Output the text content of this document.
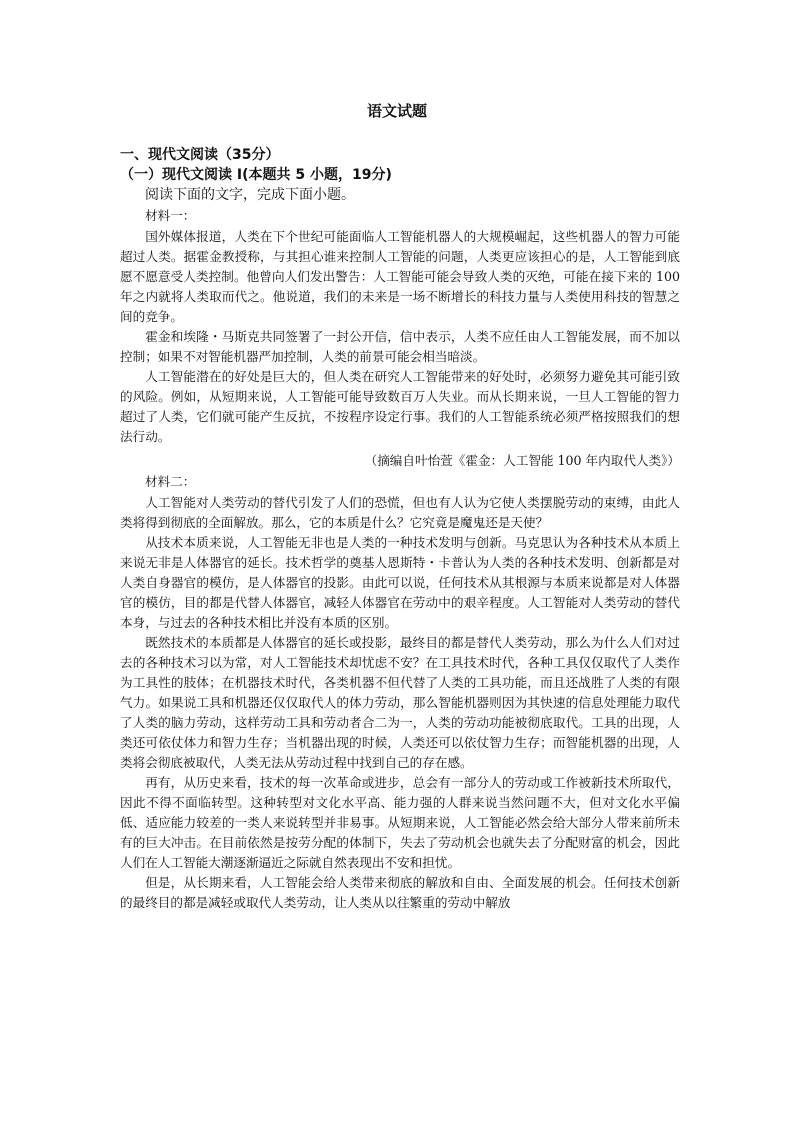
语文试题
一、现代文阅读（35分）
（一）现代文阅读 I(本题共 5 小题，19分)
阅读下面的文字，完成下面小题。
材料一：

国外媒体报道，人类在下个世纪可能面临人工智能机器人的大规模崛起，这些机器人的智力可能超过人类。据霍金教授称，与其担心谁来控制人工智能的问题，人类更应该担心的是，人工智能到底愿不愿意受人类控制。他曾向人们发出警告：人工智能可能会导致人类的灭绝，可能在接下来的 100 年之内就将人类取而代之。他说道，我们的未来是一场不断增长的科技力量与人类使用科技的智慧之间的竞争。

霍金和埃隆・马斯克共同签署了一封公开信，信中表示，人类不应任由人工智能发展，而不加以控制；如果不对智能机器严加控制，人类的前景可能会相当暗淡。

人工智能潜在的好处是巨大的，但人类在研究人工智能带来的好处时，必须努力避免其可能引致的风险。例如，从短期来说，人工智能可能导致数百万人失业。而从长期来说，一旦人工智能的智力超过了人类，它们就可能产生反抗，不按程序设定行事。我们的人工智能系统必须严格按照我们的想法行动。

（摘编自叶怡萱《霍金：人工智能 100 年内取代人类》）
材料二：

人工智能对人类劳动的替代引发了人们的恐慌，但也有人认为它使人类摆脱劳动的束缚，由此人类将得到彻底的全面解放。那么，它的本质是什么？它究竟是魔鬼还是天使？

从技术本质来说，人工智能无非也是人类的一种技术发明与创新。马克思认为各种技术从本质上来说无非是人体器官的延长。技术哲学的奠基人恩斯特・卡普认为人类的各种技术发明、创新都是对人类自身器官的模仿，是人体器官的投影。由此可以说，任何技术从其根源与本质来说都是对人体器官的模仿，目的都是代替人体器官，减轻人体器官在劳动中的艰辛程度。人工智能对人类劳动的替代本身，与过去的各种技术相比并没有本质的区别。

既然技术的本质都是人体器官的延长或投影，最终目的都是替代人类劳动，那么为什么人们对过去的各种技术习以为常，对人工智能技术却忧虑不安？在工具技术时代，各种工具仅仅取代了人类作为工具性的肢体；在机器技术时代，各类机器不但代替了人类的工具功能，而且还战胜了人类的有限气力。如果说工具和机器还仅仅取代人的体力劳动，那么智能机器则因为其快速的信息处理能力取代了人类的脑力劳动，这样劳动工具和劳动者合二为一，人类的劳动功能被彻底取代。工具的出现，人类还可依仗体力和智力生存；当机器出现的时候，人类还可以依仗智力生存；而智能机器的出现，人类将会彻底被取代，人类无法从劳动过程中找到自己的存在感。

再有，从历史来看，技术的每一次革命或进步，总会有一部分人的劳动或工作被新技术所取代，因此不得不面临转型。这种转型对文化水平高、能力强的人群来说当然问题不大，但对文化水平偏低、适应能力较差的一类人来说转型并非易事。从短期来说，人工智能必然会给大部分人带来前所未有的巨大冲击。在目前依然是按劳分配的体制下，失去了劳动机会也就失去了分配财富的机会，因此人们在人工智能大潮逐渐逼近之际就自然表现出不安和担忧。

但是，从长期来看，人工智能会给人类带来彻底的解放和自由、全面发展的机会。任何技术创新的最终目的都是减轻或取代人类劳动，让人类从以往繁重的劳动中解放
